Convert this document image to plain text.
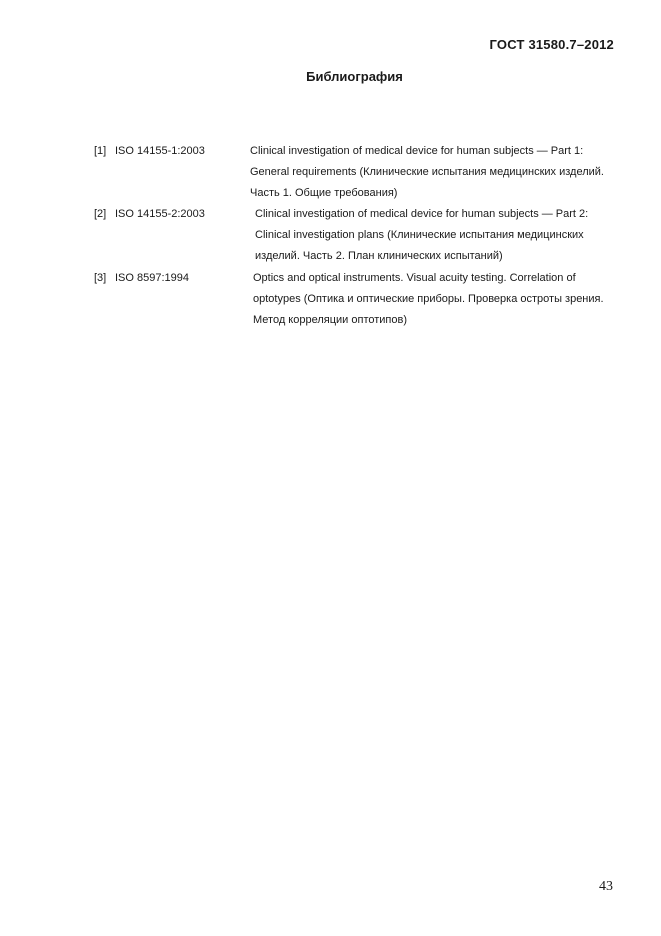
ГОСТ 31580.7–2012
Библиография
[1] ISO 14155-1:2003	Clinical investigation of medical device for human subjects — Part 1: General requirements (Клинические испытания медицинских изделий. Часть 1. Общие требования)
[2] ISO 14155-2:2003	Clinical investigation of medical device for human subjects — Part 2: Clinical investigation plans (Клинические испытания медицинских изделий. Часть 2. План клинических испытаний)
[3] ISO 8597:1994	Optics and optical instruments. Visual acuity testing. Correlation of optotypes (Оптика и оптические приборы. Проверка остроты зрения. Метод корреляции оптотипов)
43
